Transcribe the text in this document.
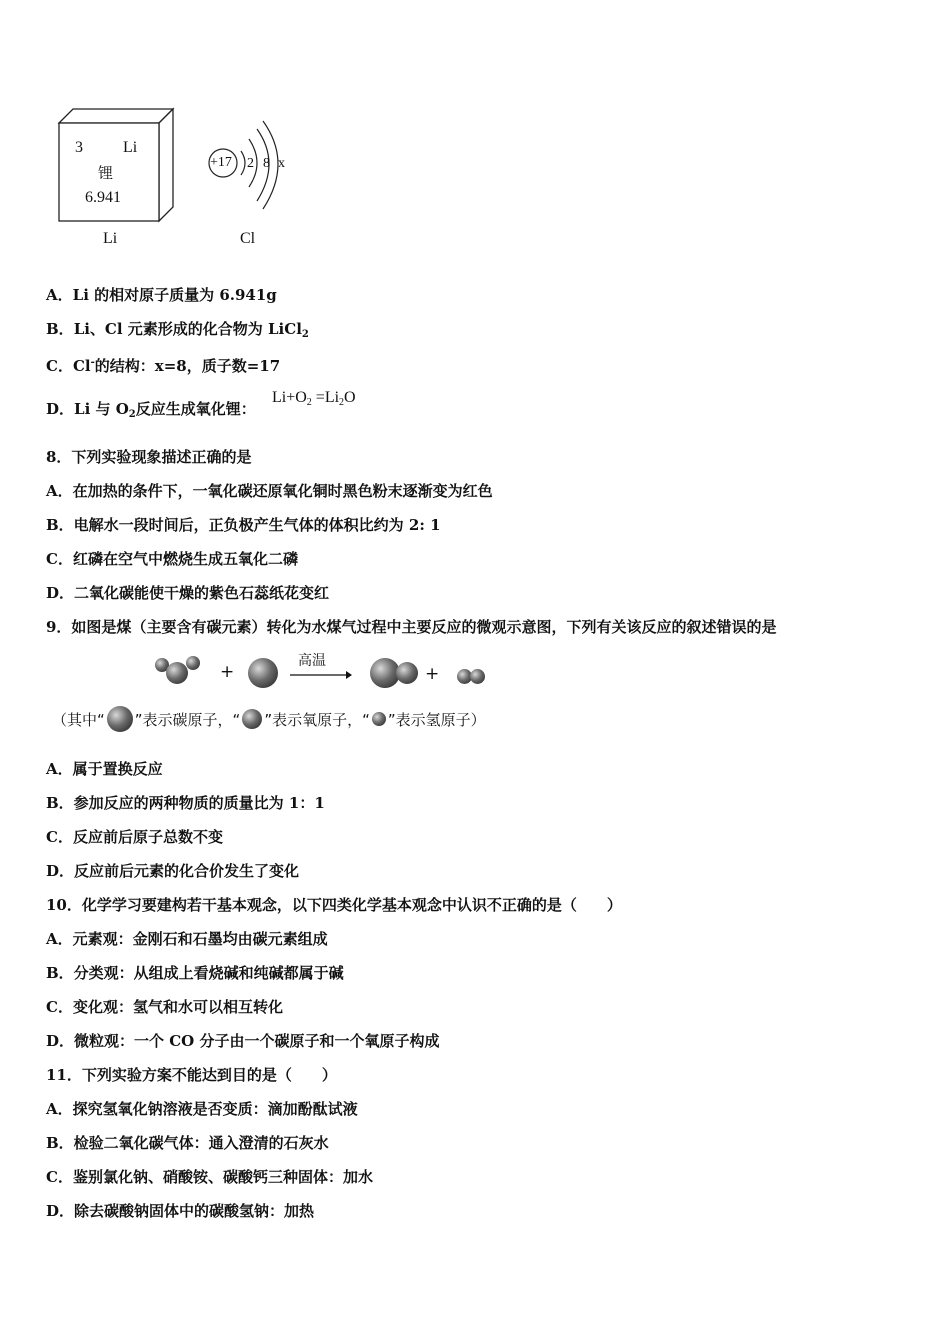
3	Li
锂
6.941
Li
+17 2 8 x
Cl
A．Li 的相对原子质量为 6.941g
B．Li、Cl 元素形成的化合物为 LiCl$_2$
C．Cl-的结构：x=8，质子数=17
D．Li 与 $O_2$反应生成氧化锂：
$Li+O_2 =Li_2O$
8．下列实验现象描述正确的是
A．在加热的条件下，一氧化碳还原氧化铜时黑色粉末逐渐变为红色
B．电解水一段时间后，正负极产生气体的体积比约为 2: 1
C．红磷在空气中燃烧生成五氧化二磷
D．二氧化碳能使干燥的紫色石蕊纸花变红
9．如图是煤（主要含有碳元素）转化为水煤气过程中主要反应的微观示意图，下列有关该反应的叙述错误的是
+
高温
+
（其中“ ”表示碳原子，“ ”表示氧原子，“ ”表示氢原子）
A．属于置换反应
B．参加反应的两种物质的质量比为 1：1
C．反应前后原子总数不变
D．反应前后元素的化合价发生了变化
10．化学学习要建构若干基本观念，以下四类化学基本观念中认识不正确的是（　　）
A．元素观：金刚石和石墨均由碳元素组成
B．分类观：从组成上看烧碱和纯碱都属于碱
C．变化观：氢气和水可以相互转化
D．微粒观：一个 CO 分子由一个碳原子和一个氧原子构成
11．下列实验方案不能达到目的是（　　）
A．探究氢氧化钠溶液是否变质：滴加酚酞试液
B．检验二氧化碳气体：通入澄清的石灰水
C．鉴别氯化钠、硝酸铵、碳酸钙三种固体：加水
D．除去碳酸钠固体中的碳酸氢钠：加热
